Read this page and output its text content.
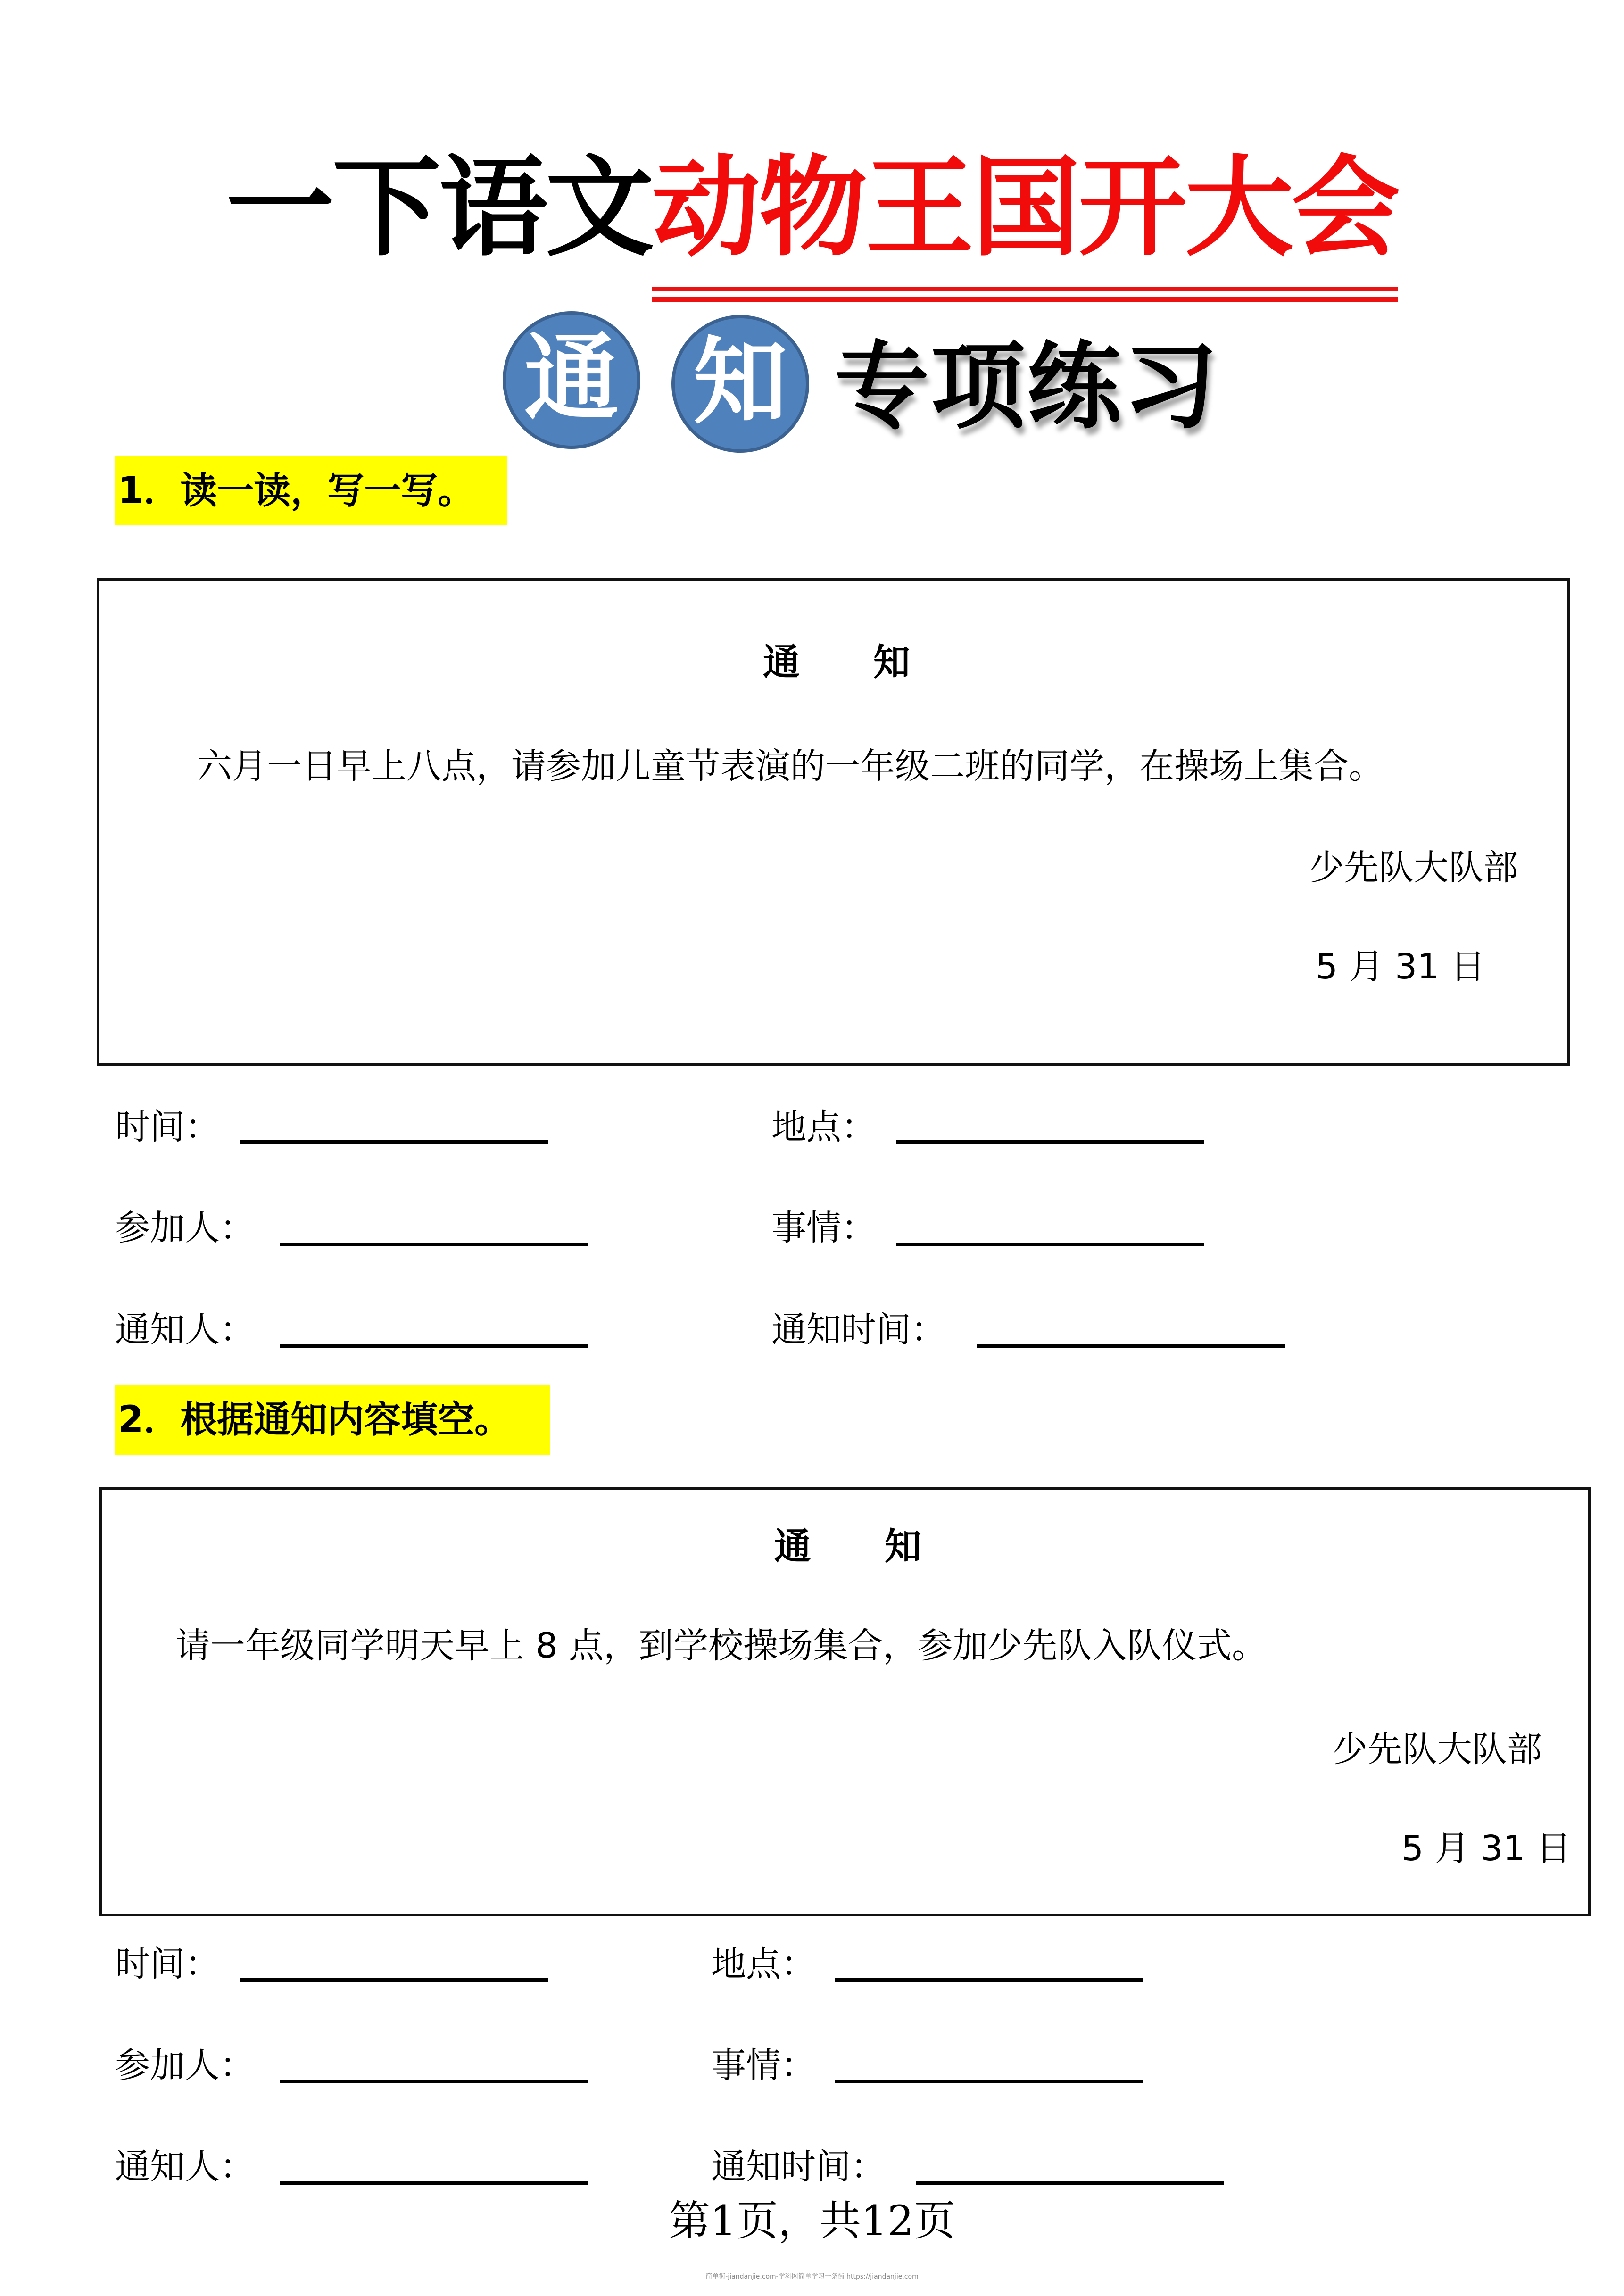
一下语文动物王国开大会
通 知 专项练习
1．读一读，写一写。
通　　知
六月一日早上八点，请参加儿童节表演的一年级二班的同学，在操场上集合。
少先队大队部
5 月 31 日
时间：	地点：
参加人：	事情：
通知人：	通知时间：
2．根据通知内容填空。
通　　知
请一年级同学明天早上 8 点，到学校操场集合，参加少先队入队仪式。
少先队大队部
5 月 31 日
时间：	地点：
参加人：	事情：
通知人：	通知时间：
第1页，共12页
简单街-jiandanjie.com-学科网简单学习一条街 https://jiandanjie.com
